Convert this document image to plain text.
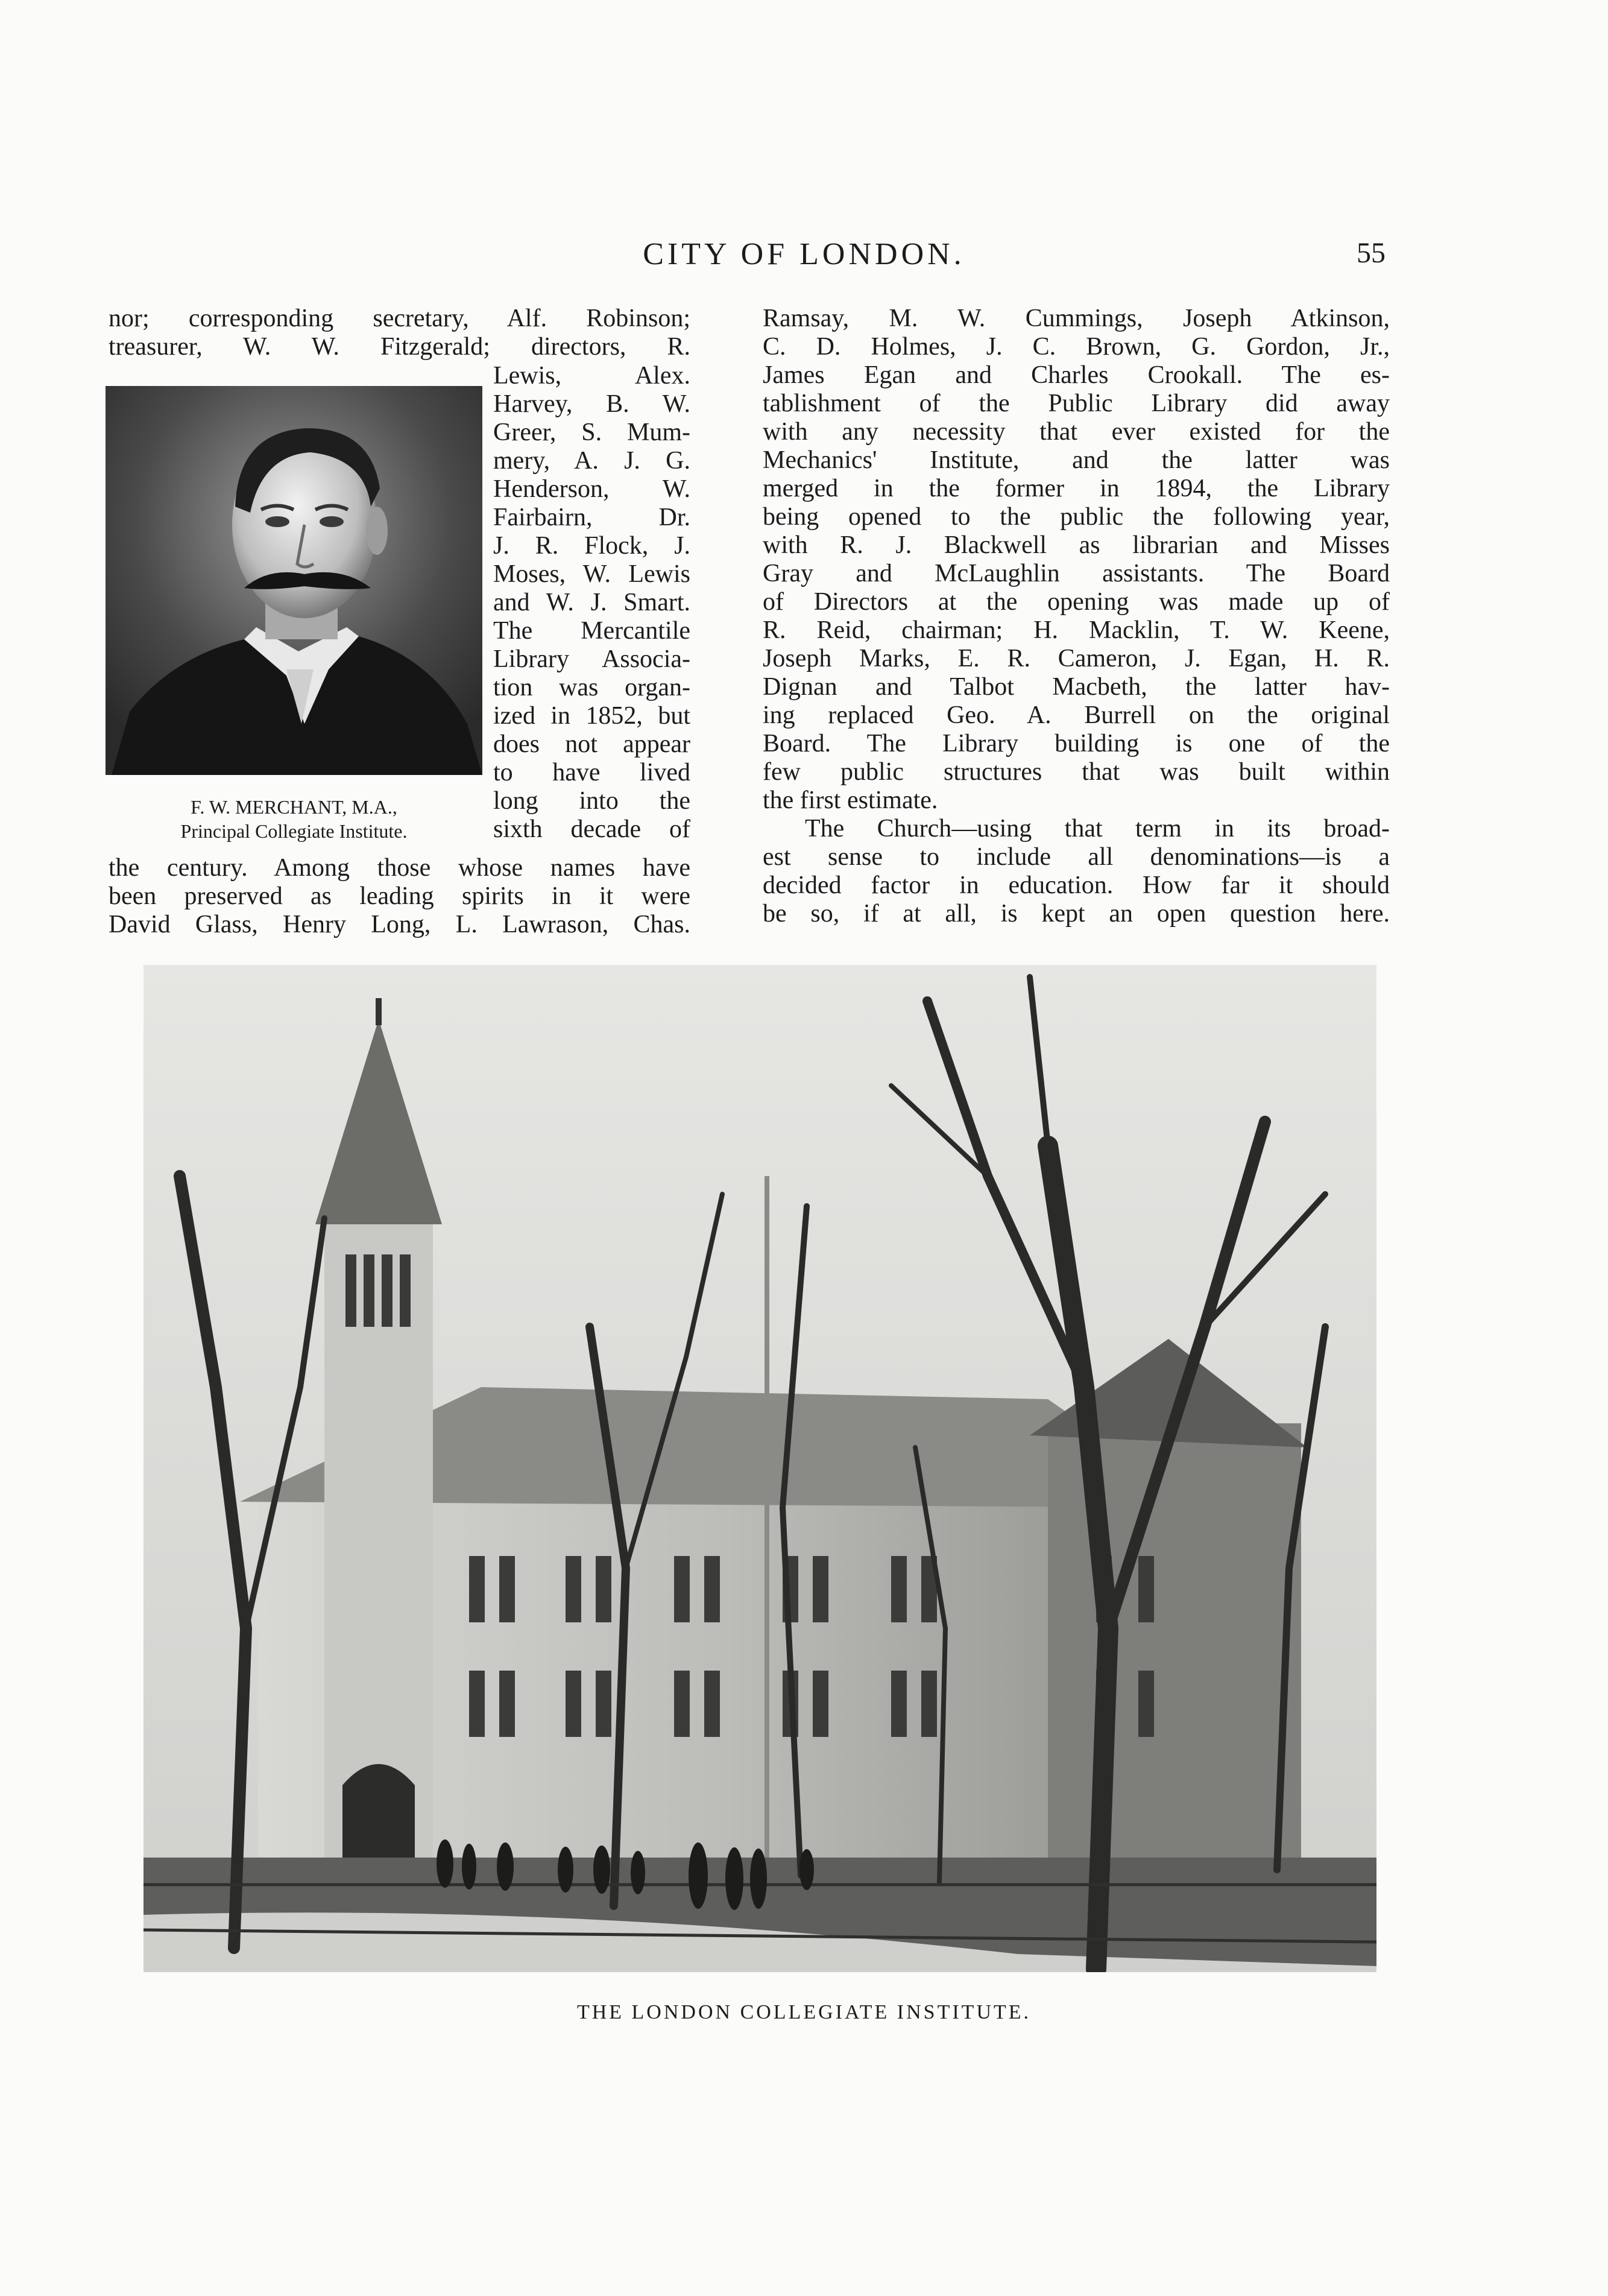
CITY OF LONDON.	55
nor; corresponding secretary, Alf. Robinson;
treasurer, W. W. Fitzgerald; directors, R.
Lewis, Alex.
Harvey, B. W.
Greer, S. Mum-
mery, A. J. G.
Henderson, W.
Fairbairn, Dr.
J. R. Flock, J.
Moses, W. Lewis
and W. J. Smart.
The Mercantile
Library Associa-
tion was organ-
ized in 1852, but
does not appear
to have lived
long into the
sixth decade of
F. W. MERCHANT, M.A.,
Principal Collegiate Institute.
the century. Among those whose names have
been preserved as leading spirits in it were
David Glass, Henry Long, L. Lawrason, Chas.
Ramsay, M. W. Cummings, Joseph Atkinson,
C. D. Holmes, J. C. Brown, G. Gordon, Jr.,
James Egan and Charles Crookall. The es-
tablishment of the Public Library did away
with any necessity that ever existed for the
Mechanics' Institute, and the latter was
merged in the former in 1894, the Library
being opened to the public the following year,
with R. J. Blackwell as librarian and Misses
Gray and McLaughlin assistants. The Board
of Directors at the opening was made up of
R. Reid, chairman; H. Macklin, T. W. Keene,
Joseph Marks, E. R. Cameron, J. Egan, H. R.
Dignan and Talbot Macbeth, the latter hav-
ing replaced Geo. A. Burrell on the original
Board. The Library building is one of the
few public structures that was built within
the first estimate.
The Church—using that term in its broad-
est sense to include all denominations—is a
decided factor in education. How far it should
be so, if at all, is kept an open question here.
THE LONDON COLLEGIATE INSTITUTE.
